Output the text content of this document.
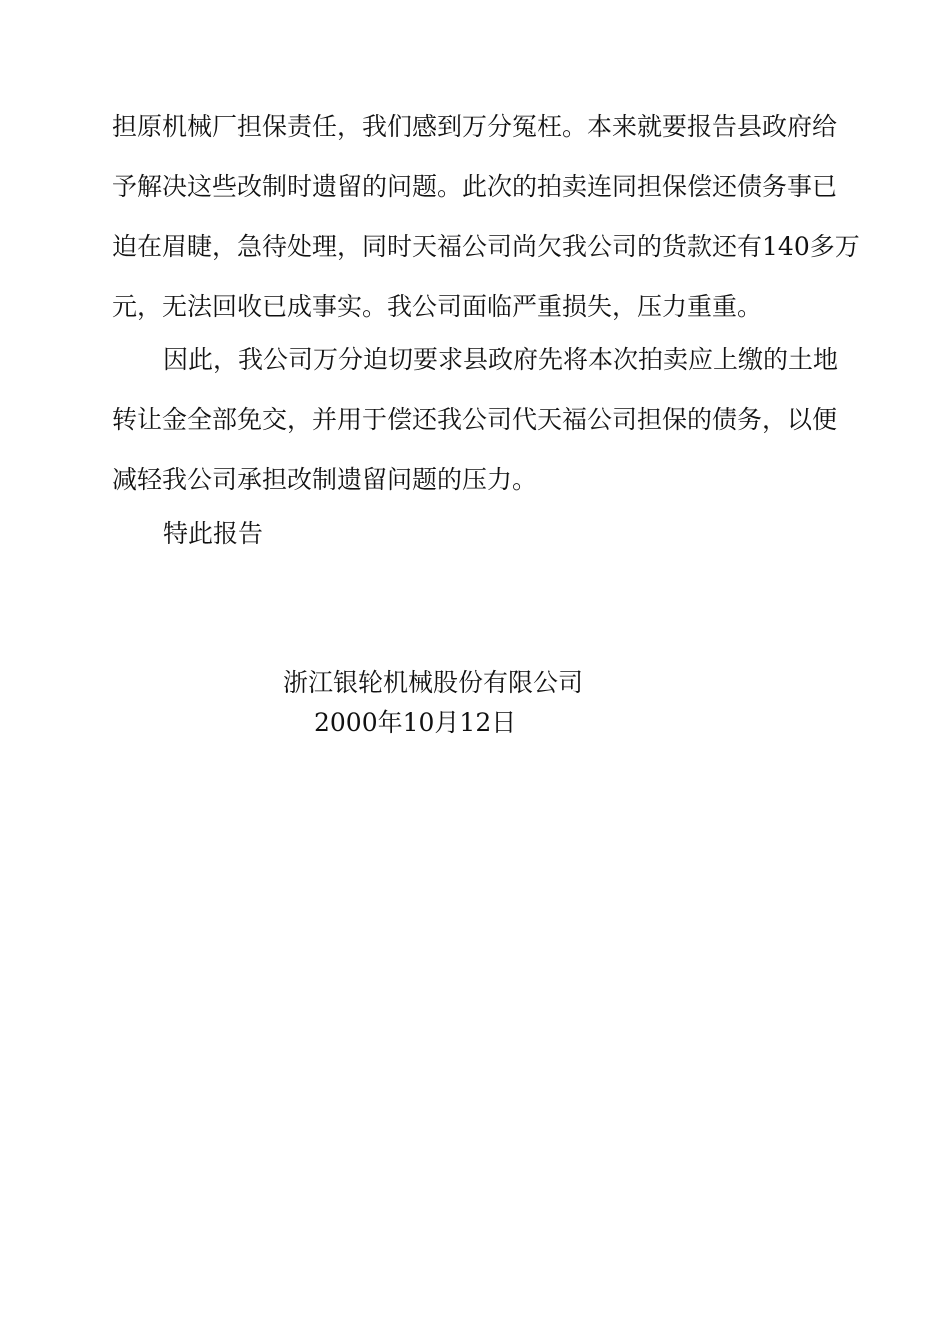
担原机械厂担保责任，我们感到万分冤枉。本来就要报告县政府给
予解决这些改制时遗留的问题。此次的拍卖连同担保偿还债务事已
迫在眉睫，急待处理，同时天福公司尚欠我公司的货款还有140多万
元，无法回收已成事实。我公司面临严重损失，压力重重。
因此，我公司万分迫切要求县政府先将本次拍卖应上缴的土地
转让金全部免交，并用于偿还我公司代天福公司担保的债务，以便
减轻我公司承担改制遗留问题的压力。
特此报告
浙江银轮机械股份有限公司
2000年10月12日
